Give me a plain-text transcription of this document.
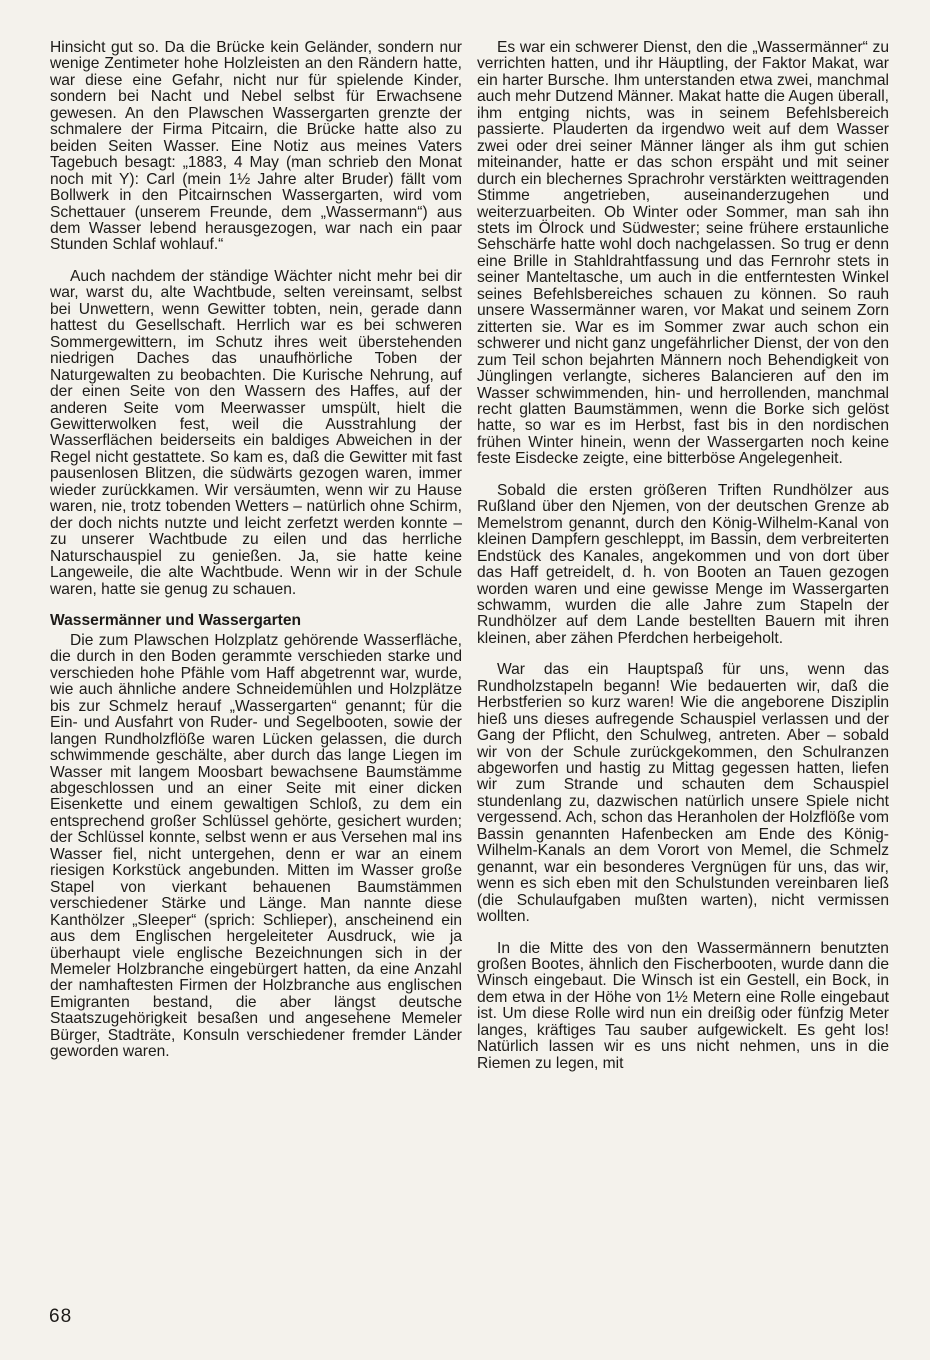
Hinsicht gut so. Da die Brücke kein Geländer, sondern nur wenige Zentimeter hohe Holzleisten an den Rändern hatte, war diese eine Gefahr, nicht nur für spielende Kinder, sondern bei Nacht und Nebel selbst für Erwachsene gewesen. An den Plawschen Wassergarten grenzte der schmalere der Firma Pitcairn, die Brücke hatte also zu beiden Seiten Wasser. Eine Notiz aus meines Vaters Tagebuch besagt: „1883, 4 May (man schrieb den Monat noch mit Y): Carl (mein 1½ Jahre alter Bruder) fällt vom Bollwerk in den Pitcairnschen Wassergarten, wird vom Schettauer (unserem Freunde, dem „Wassermann“) aus dem Wasser lebend herausgezogen, war nach ein paar Stunden Schlaf wohlauf.“

Auch nachdem der ständige Wächter nicht mehr bei dir war, warst du, alte Wachtbude, selten vereinsamt, selbst bei Unwettern, wenn Gewitter tobten, nein, gerade dann hattest du Gesellschaft. Herrlich war es bei schweren Sommergewittern, im Schutz ihres weit überstehenden niedrigen Daches das unaufhörliche Toben der Naturgewalten zu beobachten. Die Kurische Nehrung, auf der einen Seite von den Wassern des Haffes, auf der anderen Seite vom Meerwasser umspült, hielt die Gewitterwolken fest, weil die Ausstrahlung der Wasserflächen beiderseits ein baldiges Abweichen in der Regel nicht gestattete. So kam es, daß die Gewitter mit fast pausenlosen Blitzen, die südwärts gezogen waren, immer wieder zurückkamen. Wir versäumten, wenn wir zu Hause waren, nie, trotz tobenden Wetters – natürlich ohne Schirm, der doch nichts nutzte und leicht zerfetzt werden konnte – zu unserer Wachtbude zu eilen und das herrliche Naturschauspiel zu genießen. Ja, sie hatte keine Langeweile, die alte Wachtbude. Wenn wir in der Schule waren, hatte sie genug zu schauen.

Wassermänner und Wassergarten

Die zum Plawschen Holzplatz gehörende Wasserfläche, die durch in den Boden gerammte verschieden starke und verschieden hohe Pfähle vom Haff abgetrennt war, wurde, wie auch ähnliche andere Schneidemühlen und Holzplätze bis zur Schmelz herauf „Wassergarten“ genannt; für die Ein- und Ausfahrt von Ruder- und Segelbooten, sowie der langen Rundholzflöße waren Lücken gelassen, die durch schwimmende geschälte, aber durch das lange Liegen im Wasser mit langem Moosbart bewachsene Baumstämme abgeschlossen und an einer Seite mit einer dicken Eisenkette und einem gewaltigen Schloß, zu dem ein entsprechend großer Schlüssel gehörte, gesichert wurden; der Schlüssel konnte, selbst wenn er aus Versehen mal ins Wasser fiel, nicht untergehen, denn er war an einem riesigen Korkstück angebunden. Mitten im Wasser große Stapel von vierkant behauenen Baumstämmen verschiedener Stärke und Länge. Man nannte diese Kanthölzer „Sleeper“ (sprich: Schlieper), anscheinend ein aus dem Englischen hergeleiteter Ausdruck, wie ja überhaupt viele englische Bezeichnungen sich in der Memeler Holzbranche eingebürgert hatten, da eine Anzahl der namhaftesten Firmen der Holzbranche aus englischen Emigranten bestand, die aber längst deutsche Staatszugehörigkeit besaßen und angesehene Memeler Bürger, Stadträte, Konsuln verschiedener fremder Länder geworden waren.

Es war ein schwerer Dienst, den die „Wassermänner“ zu verrichten hatten, und ihr Häuptling, der Faktor Makat, war ein harter Bursche. Ihm unterstanden etwa zwei, manchmal auch mehr Dutzend Männer. Makat hatte die Augen überall, ihm entging nichts, was in seinem Befehlsbereich passierte. Plauderten da irgendwo weit auf dem Wasser zwei oder drei seiner Männer länger als ihm gut schien miteinander, hatte er das schon erspäht und mit seiner durch ein blechernes Sprachrohr verstärkten weittragenden Stimme angetrieben, auseinanderzugehen und weiterzuarbeiten. Ob Winter oder Sommer, man sah ihn stets im Ölrock und Südwester; seine frühere erstaunliche Sehschärfe hatte wohl doch nachgelassen. So trug er denn eine Brille in Stahldrahtfassung und das Fernrohr stets in seiner Manteltasche, um auch in die entferntesten Winkel seines Befehlsbereiches schauen zu können. So rauh unsere Wassermänner waren, vor Makat und seinem Zorn zitterten sie. War es im Sommer zwar auch schon ein schwerer und nicht ganz ungefährlicher Dienst, der von den zum Teil schon bejahrten Männern noch Behendigkeit von Jünglingen verlangte, sicheres Balancieren auf den im Wasser schwimmenden, hin- und herrollenden, manchmal recht glatten Baumstämmen, wenn die Borke sich gelöst hatte, so war es im Herbst, fast bis in den nordischen frühen Winter hinein, wenn der Wassergarten noch keine feste Eisdecke zeigte, eine bitterböse Angelegenheit.

Sobald die ersten größeren Triften Rundhölzer aus Rußland über den Njemen, von der deutschen Grenze ab Memelstrom genannt, durch den König-Wilhelm-Kanal von kleinen Dampfern geschleppt, im Bassin, dem verbreiterten Endstück des Kanales, angekommen und von dort über das Haff getreidelt, d. h. von Booten an Tauen gezogen worden waren und eine gewisse Menge im Wassergarten schwamm, wurden die alle Jahre zum Stapeln der Rundhölzer auf dem Lande bestellten Bauern mit ihren kleinen, aber zähen Pferdchen herbeigeholt.

War das ein Hauptspaß für uns, wenn das Rundholzstapeln begann! Wie bedauerten wir, daß die Herbstferien so kurz waren! Wie die angeborene Disziplin hieß uns dieses aufregende Schauspiel verlassen und der Gang der Pflicht, den Schulweg, antreten. Aber – sobald wir von der Schule zurückgekommen, den Schulranzen abgeworfen und hastig zu Mittag gegessen hatten, liefen wir zum Strande und schauten dem Schauspiel stundenlang zu, dazwischen natürlich unsere Spiele nicht vergessend. Ach, schon das Heranholen der Holzflöße vom Bassin genannten Hafenbecken am Ende des König-Wilhelm-Kanals an dem Vorort von Memel, die Schmelz genannt, war ein besonderes Vergnügen für uns, das wir, wenn es sich eben mit den Schulstunden vereinbaren ließ (die Schulaufgaben mußten warten), nicht vermissen wollten.

In die Mitte des von den Wassermännern benutzten großen Bootes, ähnlich den Fischerbooten, wurde dann die Winsch eingebaut. Die Winsch ist ein Gestell, ein Bock, in dem etwa in der Höhe von 1½ Metern eine Rolle eingebaut ist. Um diese Rolle wird nun ein dreißig oder fünfzig Meter langes, kräftiges Tau sauber aufgewickelt. Es geht los! Natürlich lassen wir es uns nicht nehmen, uns in die Riemen zu legen, mit

68
